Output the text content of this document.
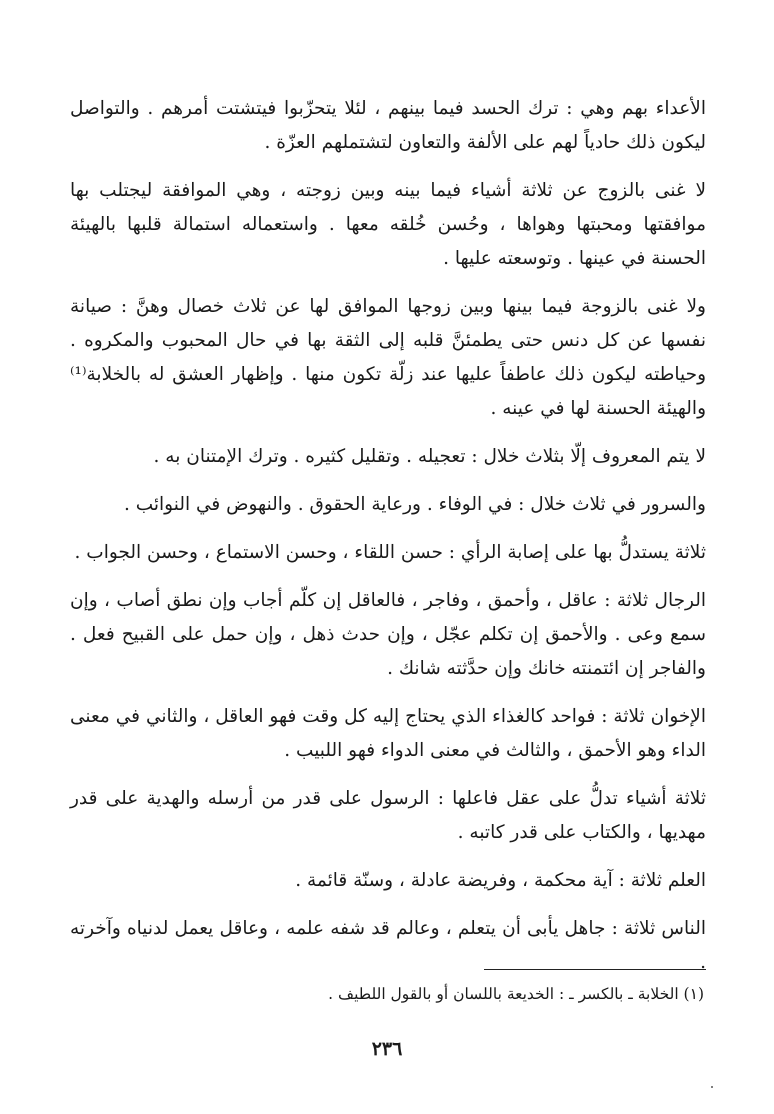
الأعداء بهم وهي : ترك الحسد فيما بينهم ، لئلا يتحزّبوا فيتشتت أمرهم . والتواصل ليكون ذلك حادياً لهم على الألفة والتعاون لتشتملهم العزّة .

لا غنى بالزوج عن ثلاثة أشياء فيما بينه وبين زوجته ، وهي الموافقة ليجتلب بها موافقتها ومحبتها وهواها ، وحُسن خُلقه معها . واستعماله استمالة قلبها بالهيئة الحسنة في عينها . وتوسعته عليها .

ولا غنى بالزوجة فيما بينها وبين زوجها الموافق لها عن ثلاث خصال وهنَّ : صيانة نفسها عن كل دنس حتى يطمئنَّ قلبه إلى الثقة بها في حال المحبوب والمكروه . وحياطته ليكون ذلك عاطفاً عليها عند زلّة تكون منها . وإظهار العشق له بالخلابة⁽¹⁾ والهيئة الحسنة لها في عينه .

لا يتم المعروف إلّا بثلاث خلال : تعجيله . وتقليل كثيره . وترك الإمتنان به .

والسرور في ثلاث خلال : في الوفاء . ورعاية الحقوق . والنهوض في النوائب .

ثلاثة يستدلُّ بها على إصابة الرأي : حسن اللقاء ، وحسن الاستماع ، وحسن الجواب .

الرجال ثلاثة : عاقل ، وأحمق ، وفاجر ، فالعاقل إن كلّم أجاب وإن نطق أصاب ، وإن سمع وعى . والأحمق إن تكلم عجّل ، وإن حدث ذهل ، وإن حمل على القبيح فعل . والفاجر إن ائتمنته خانك وإن حدَّثته شانك .

الإخوان ثلاثة : فواحد كالغذاء الذي يحتاج إليه كل وقت فهو العاقل ، والثاني في معنى الداء وهو الأحمق ، والثالث في معنى الدواء فهو اللبيب .

ثلاثة أشياء تدلُّ على عقل فاعلها : الرسول على قدر من أرسله والهدية على قدر مهديها ، والكتاب على قدر كاتبه .

العلم ثلاثة : آية محكمة ، وفريضة عادلة ، وسنّة قائمة .

الناس ثلاثة : جاهل يأبى أن يتعلم ، وعالم قد شفه علمه ، وعاقل يعمل لدنياه وآخرته .

(١) الخلابة ـ بالكسر ـ : الخديعة باللسان أو بالقول اللطيف .

٢٣٦
